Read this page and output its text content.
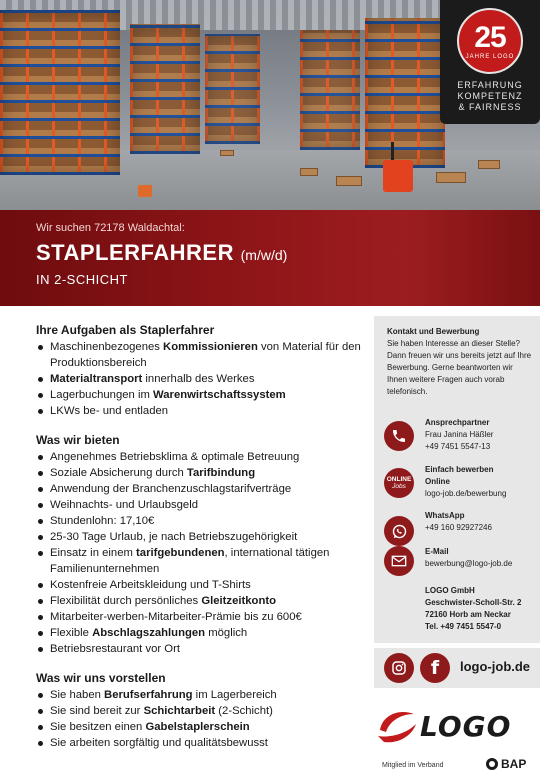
25
JAHRE LOGO
ERFAHRUNG
KOMPETENZ
& FAIRNESS
Wir suchen 72178 Waldachtal:
STAPLERFAHRER (m/w/d)
IN 2-SCHICHT
Ihre Aufgaben als Staplerfahrer
Maschinenbezogenes Kommissionieren von Material für den Produktionsbereich
Materialtransport innerhalb des Werkes
Lagerbuchungen im Warenwirtschaftssystem
LKWs be- und entladen
Was wir bieten
Angenehmes Betriebsklima & optimale Betreuung
Soziale Absicherung durch Tarifbindung
Anwendung der Branchenzuschlagstarifverträge
Weihnachts- und Urlaubsgeld
Stundenlohn: 17,10€
25-30 Tage Urlaub, je nach Betriebszugehörigkeit
Einsatz in einem tarifgebundenen, international tätigen Familienunternehmen
Kostenfreie Arbeitskleidung und T-Shirts
Flexibilität durch persönliches Gleitzeitkonto
Mitarbeiter-werben-Mitarbeiter-Prämie bis zu 600€
Flexible Abschlagszahlungen möglich
Betriebsrestaurant vor Ort
Was wir uns vorstellen
Sie haben Berufserfahrung im Lagerbereich
Sie sind bereit zur Schichtarbeit (2-Schicht)
Sie besitzen einen Gabelstaplerschein
Sie arbeiten sorgfältig und qualitätsbewusst
Kontakt und Bewerbung
Sie haben Interesse an dieser Stelle? Dann freuen wir uns bereits jetzt auf Ihre Bewerbung. Gerne beantworten wir Ihnen weitere Fragen auch vorab telefonisch.
Ansprechpartner
Frau Janina Häßler
+49 7451 5547-13
ONLINE
Jobs
Einfach bewerben
Online
logo-job.de/bewerbung
WhatsApp
+49 160 92927246
E-Mail
bewerbung@logo-job.de
LOGO GmbH
Geschwister-Scholl-Str. 2
72160 Horb am Neckar
Tel. +49 7451 5547-0
f	logo-job.de
LOGO
Mitglied im Verband	BAP
